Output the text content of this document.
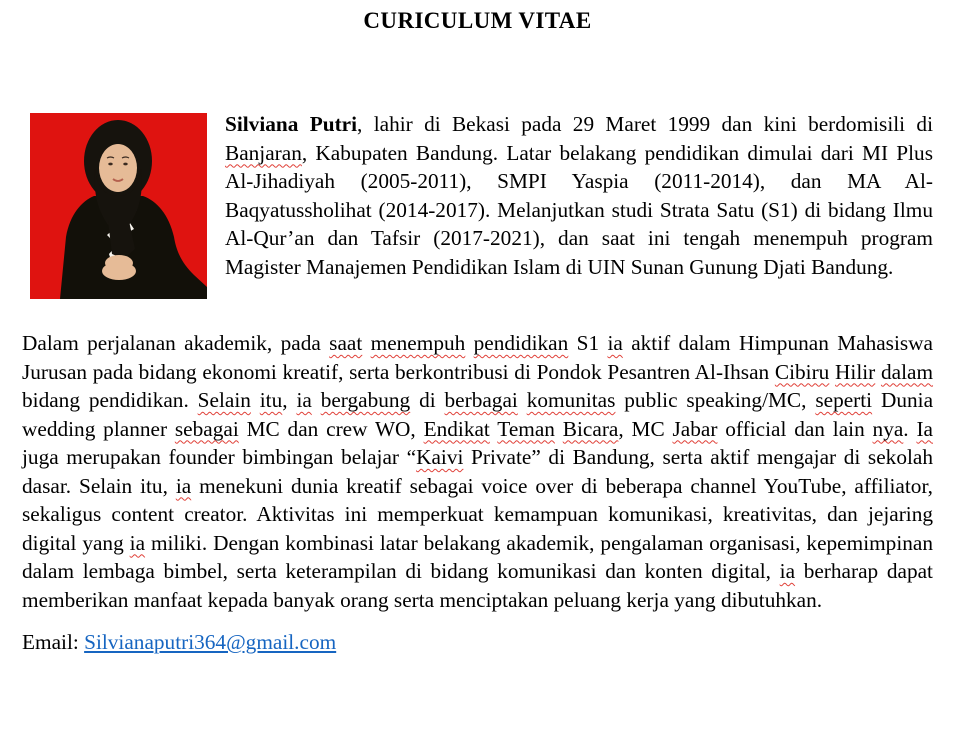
CURICULUM VITAE

Silviana Putri, lahir di Bekasi pada 29 Maret 1999 dan kini berdomisili di Banjaran, Kabupaten Bandung. Latar belakang pendidikan dimulai dari MI Plus Al-Jihadiyah (2005-2011), SMPI Yaspia (2011-2014), dan MA Al-Baqyatussholihat (2014-2017). Melanjutkan studi Strata Satu (S1) di bidang Ilmu Al-Qur’an dan Tafsir (2017-2021), dan saat ini tengah menempuh program Magister Manajemen Pendidikan Islam di UIN Sunan Gunung Djati Bandung.

Dalam perjalanan akademik, pada saat menempuh pendidikan S1 ia aktif dalam Himpunan Mahasiswa Jurusan pada bidang ekonomi kreatif, serta berkontribusi di Pondok Pesantren Al-Ihsan Cibiru Hilir dalam bidang pendidikan. Selain itu, ia bergabung di berbagai komunitas public speaking/MC, seperti Dunia wedding planner sebagai MC dan crew WO, Endikat Teman Bicara, MC Jabar official dan lain nya. Ia juga merupakan founder bimbingan belajar “Kaivi Private” di Bandung, serta aktif mengajar di sekolah dasar. Selain itu, ia menekuni dunia kreatif sebagai voice over di beberapa channel YouTube, affiliator, sekaligus content creator. Aktivitas ini memperkuat kemampuan komunikasi, kreativitas, dan jejaring digital yang ia miliki. Dengan kombinasi latar belakang akademik, pengalaman organisasi, kepemimpinan dalam lembaga bimbel, serta keterampilan di bidang komunikasi dan konten digital, ia berharap dapat memberikan manfaat kepada banyak orang serta menciptakan peluang kerja yang dibutuhkan.

Email: Silvianaputri364@gmail.com
